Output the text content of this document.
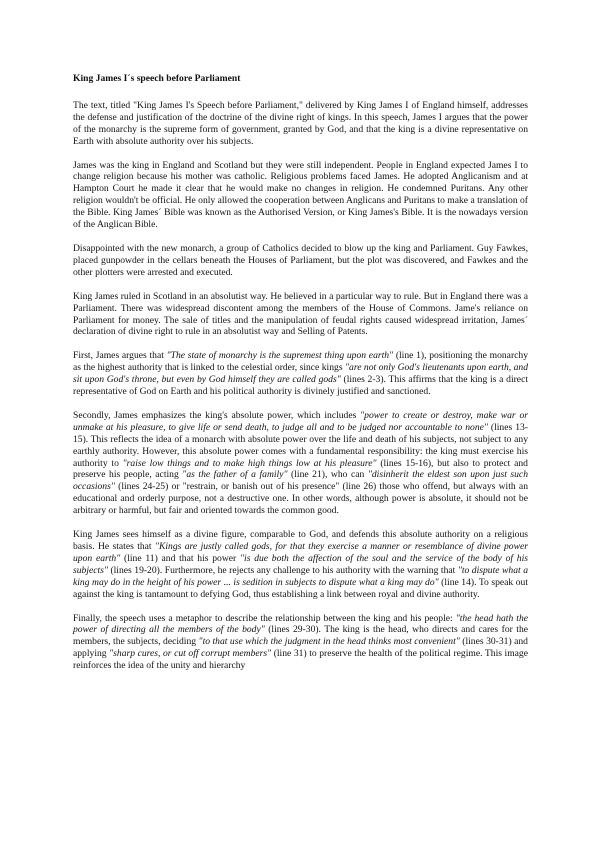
King James I´s speech before Parliament

The text, titled "King James I's Speech before Parliament," delivered by King James I of England himself, addresses the defense and justification of the doctrine of the divine right of kings. In this speech, James I argues that the power of the monarchy is the supreme form of government, granted by God, and that the king is a divine representative on Earth with absolute authority over his subjects.

James was the king in England and Scotland but they were still independent. People in England expected James I to change religion because his mother was catholic. Religious problems faced James. He adopted Anglicanism and at Hampton Court he made it clear that he would make no changes in religion. He condemned Puritans. Any other religion wouldn't be official. He only allowed the cooperation between Anglicans and Puritans to make a translation of the Bible. King James´ Bible was known as the Authorised Version, or King James's Bible. It is the nowadays version of the Anglican Bible.

Disappointed with the new monarch, a group of Catholics decided to blow up the king and Parliament. Guy Fawkes, placed gunpowder in the cellars beneath the Houses of Parliament, but the plot was discovered, and Fawkes and the other plotters were arrested and executed.

King James ruled in Scotland in an absolutist way. He believed in a particular way to rule. But in England there was a Parliament. There was widespread discontent among the members of the House of Commons. Jame's reliance on Parliament for money. The sale of titles and the manipulation of feudal rights caused widespread irritation, James´ declaration of divine right to rule in an absolutist way and Selling of Patents.

First, James argues that "The state of monarchy is the supremest thing upon earth" (line 1), positioning the monarchy as the highest authority that is linked to the celestial order, since kings "are not only God's lieutenants upon earth, and sit upon God's throne, but even by God himself they are called gods" (lines 2-3). This affirms that the king is a direct representative of God on Earth and his political authority is divinely justified and sanctioned.

Secondly, James emphasizes the king's absolute power, which includes "power to create or destroy, make war or unmake at his pleasure, to give life or send death, to judge all and to be judged nor accountable to none" (lines 13-15). This reflects the idea of a monarch with absolute power over the life and death of his subjects, not subject to any earthly authority. However, this absolute power comes with a fundamental responsibility: the king must exercise his authority to "raise low things and to make high things low at his pleasure" (lines 15-16), but also to protect and preserve his people, acting "as the father of a family" (line 21), who can "disinherit the eldest son upon just such occasions" (lines 24-25) or "restrain, or banish out of his presence" (line 26) those who offend, but always with an educational and orderly purpose, not a destructive one. In other words, although power is absolute, it should not be arbitrary or harmful, but fair and oriented towards the common good.

King James sees himself as a divine figure, comparable to God, and defends this absolute authority on a religious basis. He states that "Kings are justly called gods, for that they exercise a manner or resemblance of divine power upon earth" (line 11) and that his power "is due both the affection of the soul and the service of the body of his subjects" (lines 19-20). Furthermore, he rejects any challenge to his authority with the warning that "to dispute what a king may do in the height of his power ... is sedition in subjects to dispute what a king may do" (line 14). To speak out against the king is tantamount to defying God, thus establishing a link between royal and divine authority.

Finally, the speech uses a metaphor to describe the relationship between the king and his people: "the head hath the power of directing all the members of the body" (lines 29-30). The king is the head, who directs and cares for the members, the subjects, deciding "to that use which the judgment in the head thinks most convenient" (lines 30-31) and applying "sharp cures, or cut off corrupt members" (line 31) to preserve the health of the political regime. This image reinforces the idea of the unity and hierarchy
